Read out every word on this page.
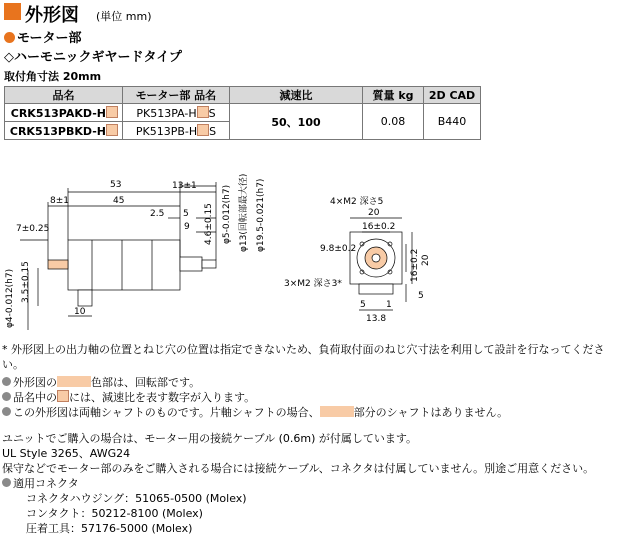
外形図 (単位 mm)
モーター部
◇ハーモニックギヤードタイプ
取付角寸法 20mm
品名	モーター部 品名	減速比	質量 kg	2D CAD
CRK513PAKD-H	PK513PA-H S	50、100	0.08	B440
CRK513PBKD-H	PK513PB-H S			
53	13±1
8±1	45
2.5 5
9
7±0.25
10
3.5±0.15
φ4-0.012(h7)
4.6±0.15 φ5-0.012(h7) φ13(回転部最大径) φ19.5-0.021(h7)	4×M2 深さ5
20
16±0.2
9.8±0.2	16±0.2 20
5
3×M2 深さ3*
5 1
13.8
* 外形図上の出力軸の位置とねじ穴の位置は指定できないため、負荷取付面のねじ穴寸法を利用して設計を行なってください。
外形図の	色部は、回転部です。
品名中の には、減速比を表す数字が入ります。
この外形図は両軸シャフトのものです。片軸シャフトの場合、	部分のシャフトはありません。
ユニットでご購入の場合は、モーター用の接続ケーブル (0.6m) が付属しています。
UL Style 3265、AWG24
保守などでモーター部のみをご購入される場合には接続ケーブル、コネクタは付属していません。別途ご用意ください。
適用コネクタ
コネクタハウジング：51065-0500 (Molex)
コンタクト：50212-8100 (Molex)
圧着工具：57176-5000 (Molex)
